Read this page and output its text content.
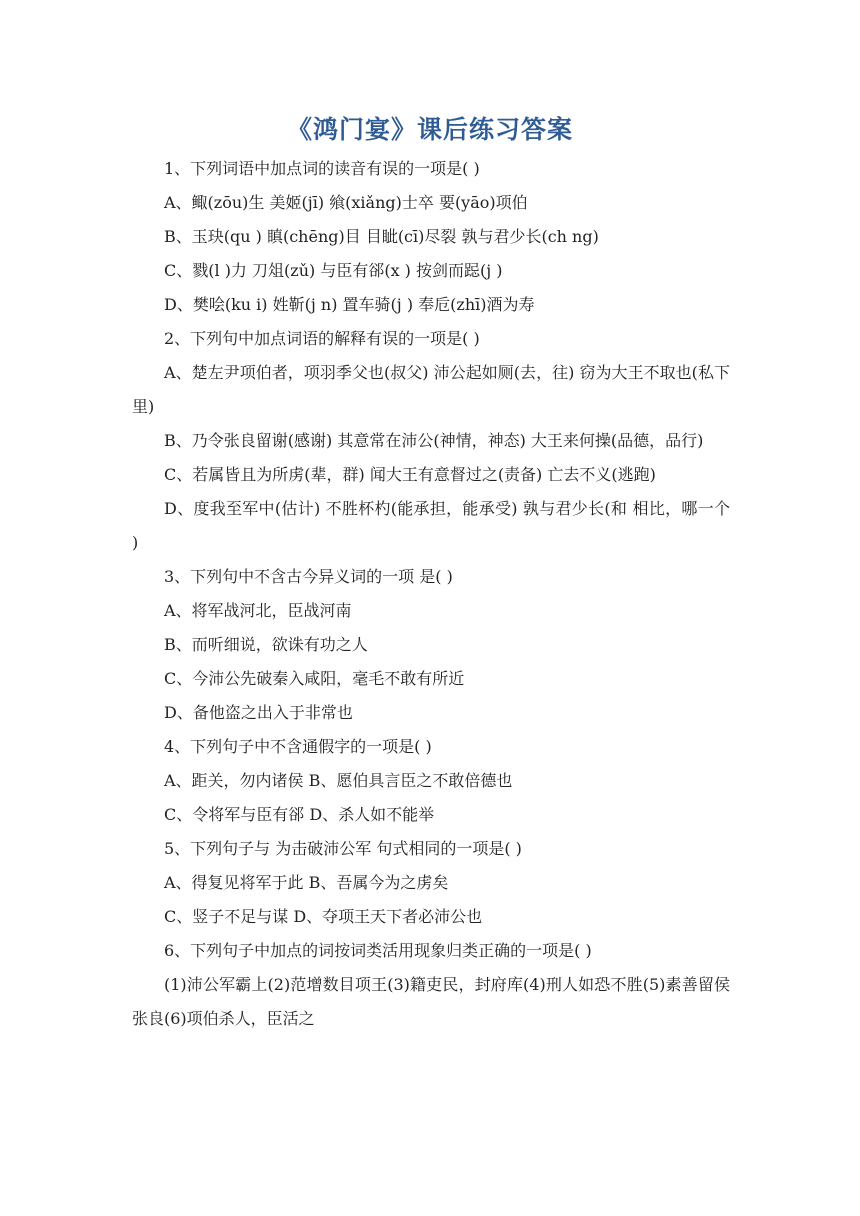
《鸿门宴》课后练习答案
1、下列词语中加点词的读音有误的一项是( )
A、鲰(zōu)生 美姬(jī) 飨(xiǎng)士卒 要(yāo)项伯
B、玉玦(qu ) 瞋(chēng)目 目眦(cī)尽裂 孰与君少长(ch ng)
C、戮(l )力 刀俎(zǔ) 与臣有郤(x ) 按剑而跽(j )
D、樊哙(ku i) 姓靳(j n) 置车骑(j ) 奉卮(zhī)酒为寿
2、下列句中加点词语的解释有误的一项是( )
A、楚左尹项伯者，项羽季父也(叔父) 沛公起如厕(去，往) 窃为大王不取也(私下里)
B、乃令张良留谢(感谢) 其意常在沛公(神情，神态) 大王来何操(品德，品行)
C、若属皆且为所虏(辈，群) 闻大王有意督过之(责备) 亡去不义(逃跑)
D、度我至军中(估计) 不胜杯杓(能承担，能承受) 孰与君少长(和 相比，哪一个 )
3、下列句中不含古今异义词的一项 是( )
A、将军战河北，臣战河南
B、而听细说，欲诛有功之人
C、今沛公先破秦入咸阳，毫毛不敢有所近
D、备他盗之出入于非常也
4、下列句子中不含通假字的一项是( )
A、距关，勿内诸侯 B、愿伯具言臣之不敢倍德也
C、令将军与臣有郤 D、杀人如不能举
5、下列句子与 为击破沛公军 句式相同的一项是( )
A、得复见将军于此 B、吾属今为之虏矣
C、竖子不足与谋 D、夺项王天下者必沛公也
6、下列句子中加点的词按词类活用现象归类正确的一项是( )
(1)沛公军霸上(2)范增数目项王(3)籍吏民，封府库(4)刑人如恐不胜(5)素善留侯张良(6)项伯杀人，臣活之
